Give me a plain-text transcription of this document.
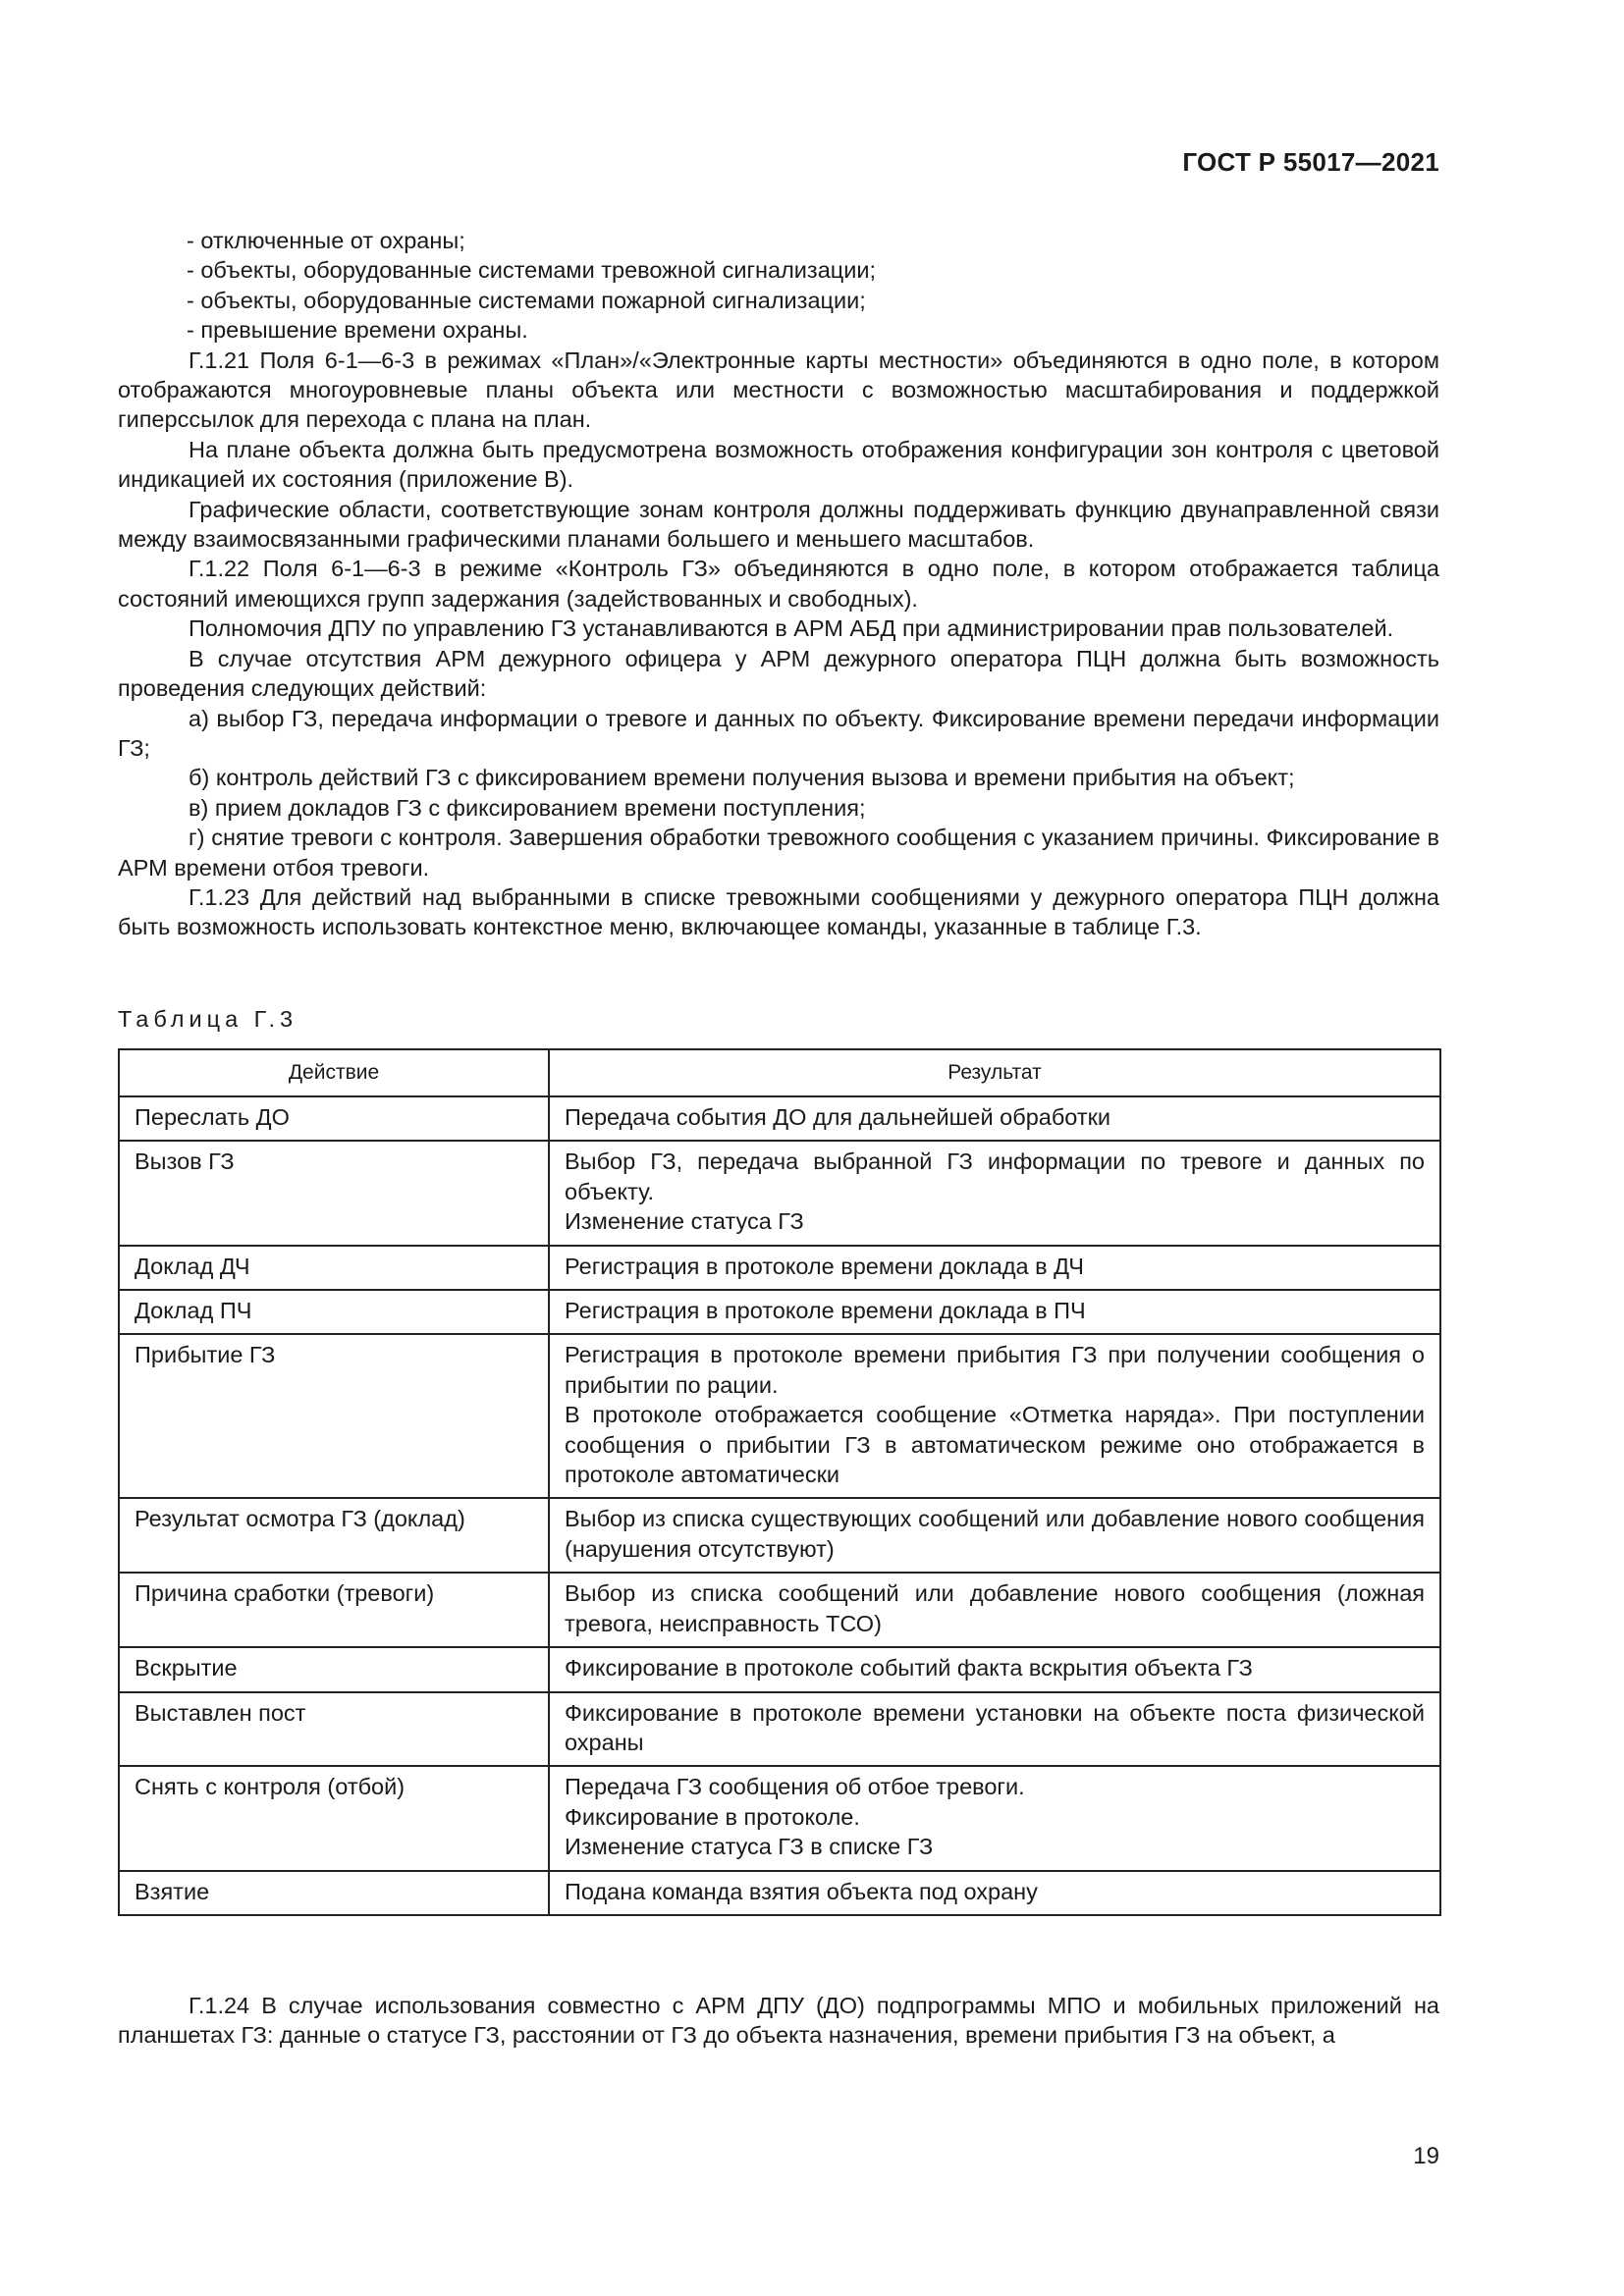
ГОСТ Р 55017—2021

- отключенные от охраны;

- объекты, оборудованные системами тревожной сигнализации;

- объекты, оборудованные системами пожарной сигнализации;

- превышение времени охраны.

Г.1.21 Поля 6-1—6-3 в режимах «План»/«Электронные карты местности» объединяются в одно поле, в котором отображаются многоуровневые планы объекта или местности с возможностью масштабирования и поддержкой гиперссылок для перехода с плана на план.

На плане объекта должна быть предусмотрена возможность отображения конфигурации зон контроля с цветовой индикацией их состояния (приложение В).

Графические области, соответствующие зонам контроля должны поддерживать функцию двунаправленной связи между взаимосвязанными графическими планами большего и меньшего масштабов.

Г.1.22 Поля 6-1—6-3 в режиме «Контроль ГЗ» объединяются в одно поле, в котором отображается таблица состояний имеющихся групп задержания (задействованных и свободных).

Полномочия ДПУ по управлению ГЗ устанавливаются в АРМ АБД при администрировании прав пользователей.

В случае отсутствия АРМ дежурного офицера у АРМ дежурного оператора ПЦН должна быть возможность проведения следующих действий:

а) выбор ГЗ, передача информации о тревоге и данных по объекту. Фиксирование времени передачи информации ГЗ;

б) контроль действий ГЗ с фиксированием времени получения вызова и времени прибытия на объект;

в) прием докладов ГЗ с фиксированием времени поступления;

г) снятие тревоги с контроля. Завершения обработки тревожного сообщения с указанием причины. Фиксирование в АРМ времени отбоя тревоги.

Г.1.23 Для действий над выбранными в списке тревожными сообщениями у дежурного оператора ПЦН должна быть возможность использовать контекстное меню, включающее команды, указанные в таблице Г.3.

Таблица Г.3
Действие	Результат
Переслать ДО	Передача события ДО для дальнейшей обработки
Вызов ГЗ	Выбор ГЗ, передача выбранной ГЗ информации по тревоге и данных по объекту.
Изменение статуса ГЗ
Доклад ДЧ	Регистрация в протоколе времени доклада в ДЧ
Доклад ПЧ	Регистрация в протоколе времени доклада в ПЧ
Прибытие ГЗ	Регистрация в протоколе времени прибытия ГЗ при получении сообщения о прибытии по рации.
В протоколе отображается сообщение «Отметка наряда». При поступлении сообщения о прибытии ГЗ в автоматическом режиме оно отображается в протоколе автоматически
Результат осмотра ГЗ (доклад)	Выбор из списка существующих сообщений или добавление нового сообщения (нарушения отсутствуют)
Причина сработки (тревоги)	Выбор из списка сообщений или добавление нового сообщения (ложная тревога, неисправность ТСО)
Вскрытие	Фиксирование в протоколе событий факта вскрытия объекта ГЗ
Выставлен пост	Фиксирование в протоколе времени установки на объекте поста физической охраны
Снять с контроля (отбой)	Передача ГЗ сообщения об отбое тревоги.
Фиксирование в протоколе.
Изменение статуса ГЗ в списке ГЗ
Взятие	Подана команда взятия объекта под охрану

Г.1.24 В случае использования совместно с АРМ ДПУ (ДО) подпрограммы МПО и мобильных приложений на планшетах ГЗ: данные о статусе ГЗ, расстоянии от ГЗ до объекта назначения, времени прибытия ГЗ на объект, а

19
